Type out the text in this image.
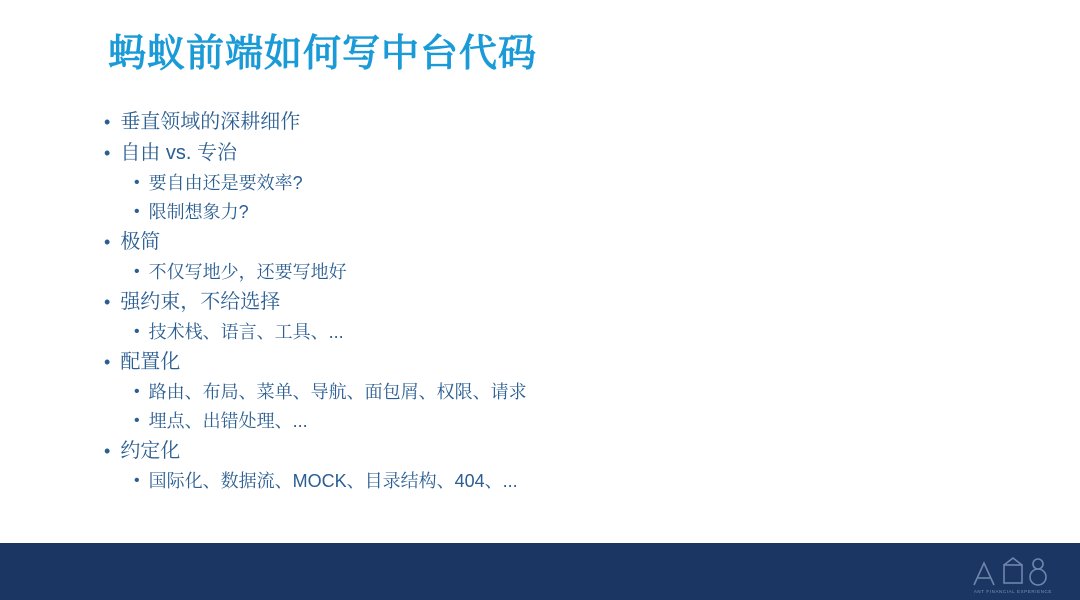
蚂蚁前端如何写中台代码
• 垂直领域的深耕细作
• 自由 vs. 专治
• 要自由还是要效率?
• 限制想象力?
• 极简
• 不仅写地少，还要写地好
• 强约束，不给选择
• 技术栈、语言、工具、...
• 配置化
• 路由、布局、菜单、导航、面包屑、权限、请求
• 埋点、出错处理、...
• 约定化
• 国际化、数据流、MOCK、目录结构、404、...
ANT FINANCIAL EXPERIENCE
